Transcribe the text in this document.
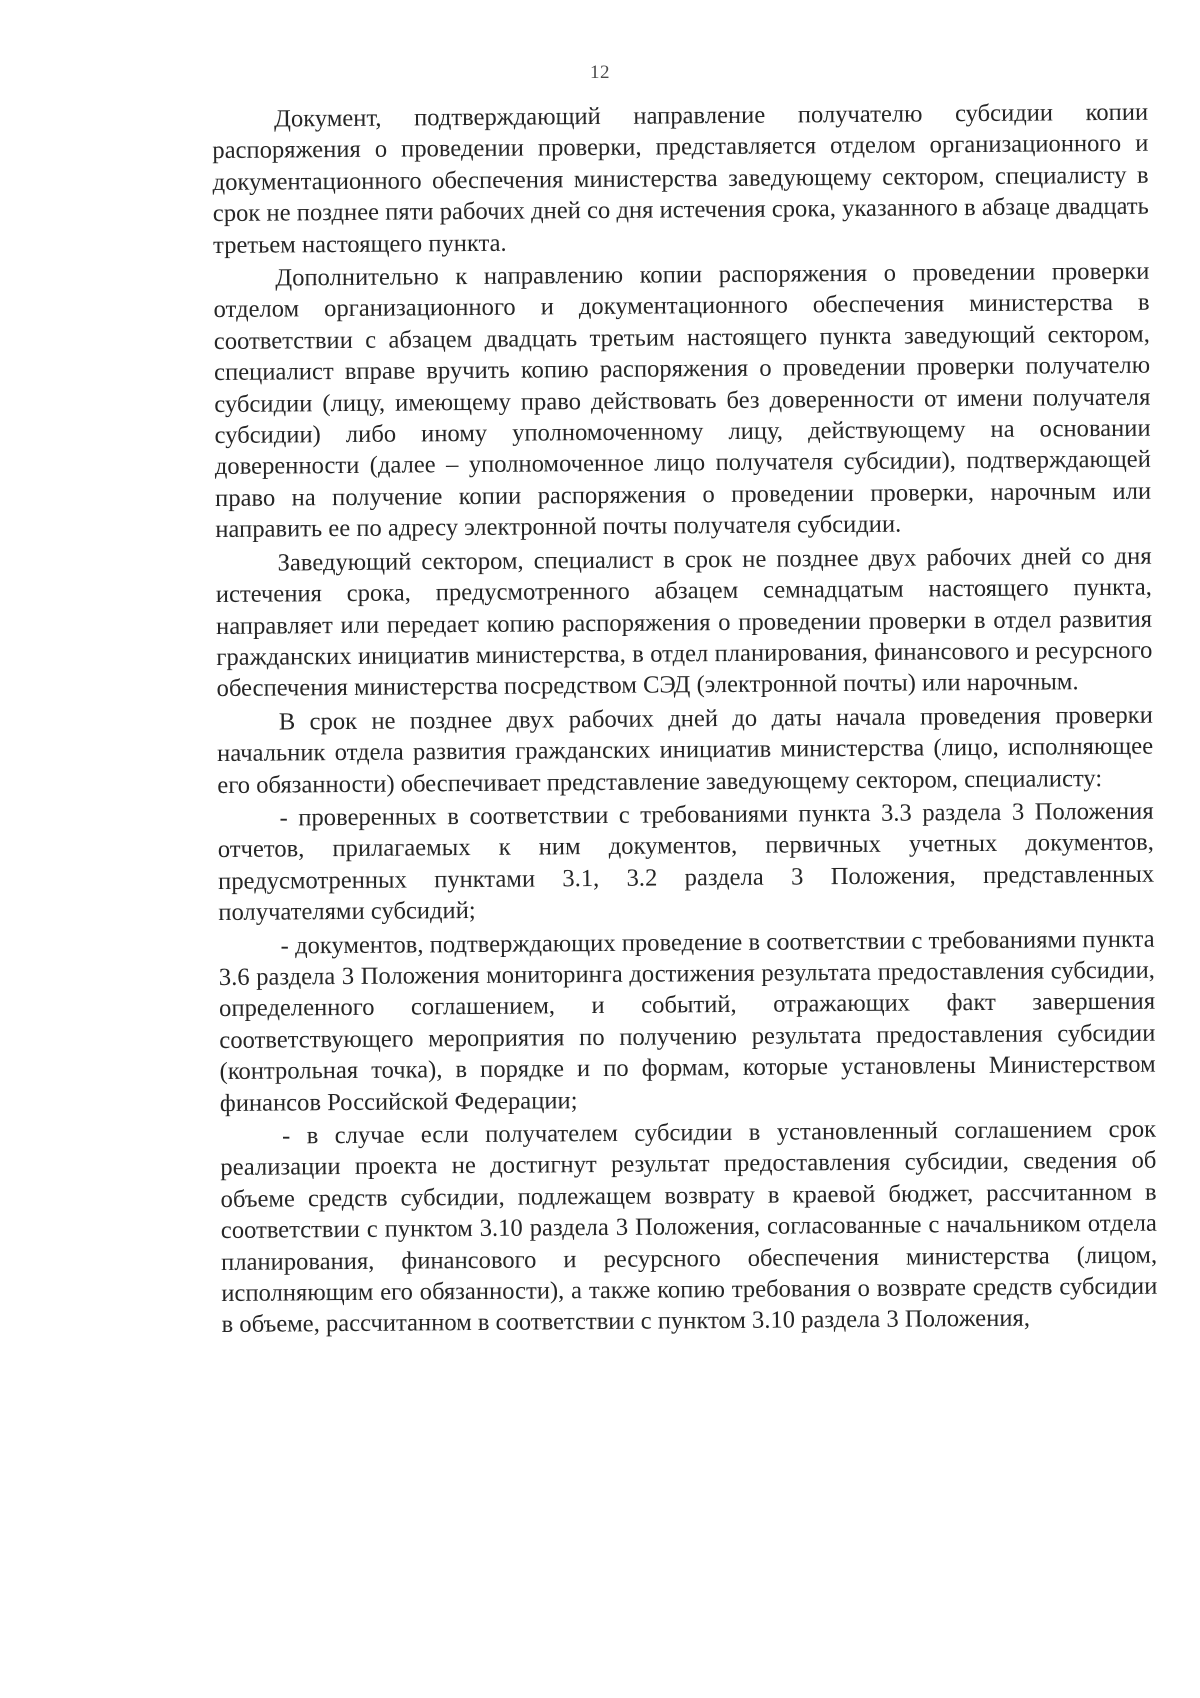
12

Документ, подтверждающий направление получателю субсидии копии распоряжения о проведении проверки, представляется отделом организационного и документационного обеспечения министерства заведующему сектором, специалисту в срок не позднее пяти рабочих дней со дня истечения срока, указанного в абзаце двадцать третьем настоящего пункта.

Дополнительно к направлению копии распоряжения о проведении проверки отделом организационного и документационного обеспечения министерства в соответствии с абзацем двадцать третьим настоящего пункта заведующий сектором, специалист вправе вручить копию распоряжения о проведении проверки получателю субсидии (лицу, имеющему право действовать без доверенности от имени получателя субсидии) либо иному уполномоченному лицу, действующему на основании доверенности (далее – уполномоченное лицо получателя субсидии), подтверждающей право на получение копии распоряжения о проведении проверки, нарочным или направить ее по адресу электронной почты получателя субсидии.

Заведующий сектором, специалист в срок не позднее двух рабочих дней со дня истечения срока, предусмотренного абзацем семнадцатым настоящего пункта, направляет или передает копию распоряжения о проведении проверки в отдел развития гражданских инициатив министерства, в отдел планирования, финансового и ресурсного обеспечения министерства посредством СЭД (электронной почты) или нарочным.

В срок не позднее двух рабочих дней до даты начала проведения проверки начальник отдела развития гражданских инициатив министерства (лицо, исполняющее его обязанности) обеспечивает представление заведующему сектором, специалисту:

- проверенных в соответствии с требованиями пункта 3.3 раздела 3 Положения отчетов, прилагаемых к ним документов, первичных учетных документов, предусмотренных пунктами 3.1, 3.2 раздела 3 Положения, представленных получателями субсидий;

- документов, подтверждающих проведение в соответствии с требованиями пункта 3.6 раздела 3 Положения мониторинга достижения результата предоставления субсидии, определенного соглашением, и событий, отражающих факт завершения соответствующего мероприятия по получению результата предоставления субсидии (контрольная точка), в порядке и по формам, которые установлены Министерством финансов Российской Федерации;

- в случае если получателем субсидии в установленный соглашением срок реализации проекта не достигнут результат предоставления субсидии, сведения об объеме средств субсидии, подлежащем возврату в краевой бюджет, рассчитанном в соответствии с пунктом 3.10 раздела 3 Положения, согласованные с начальником отдела планирования, финансового и ресурсного обеспечения министерства (лицом, исполняющим его обязанности), а также копию требования о возврате средств субсидии в объеме, рассчитанном в соответствии с пунктом 3.10 раздела 3 Положения,
